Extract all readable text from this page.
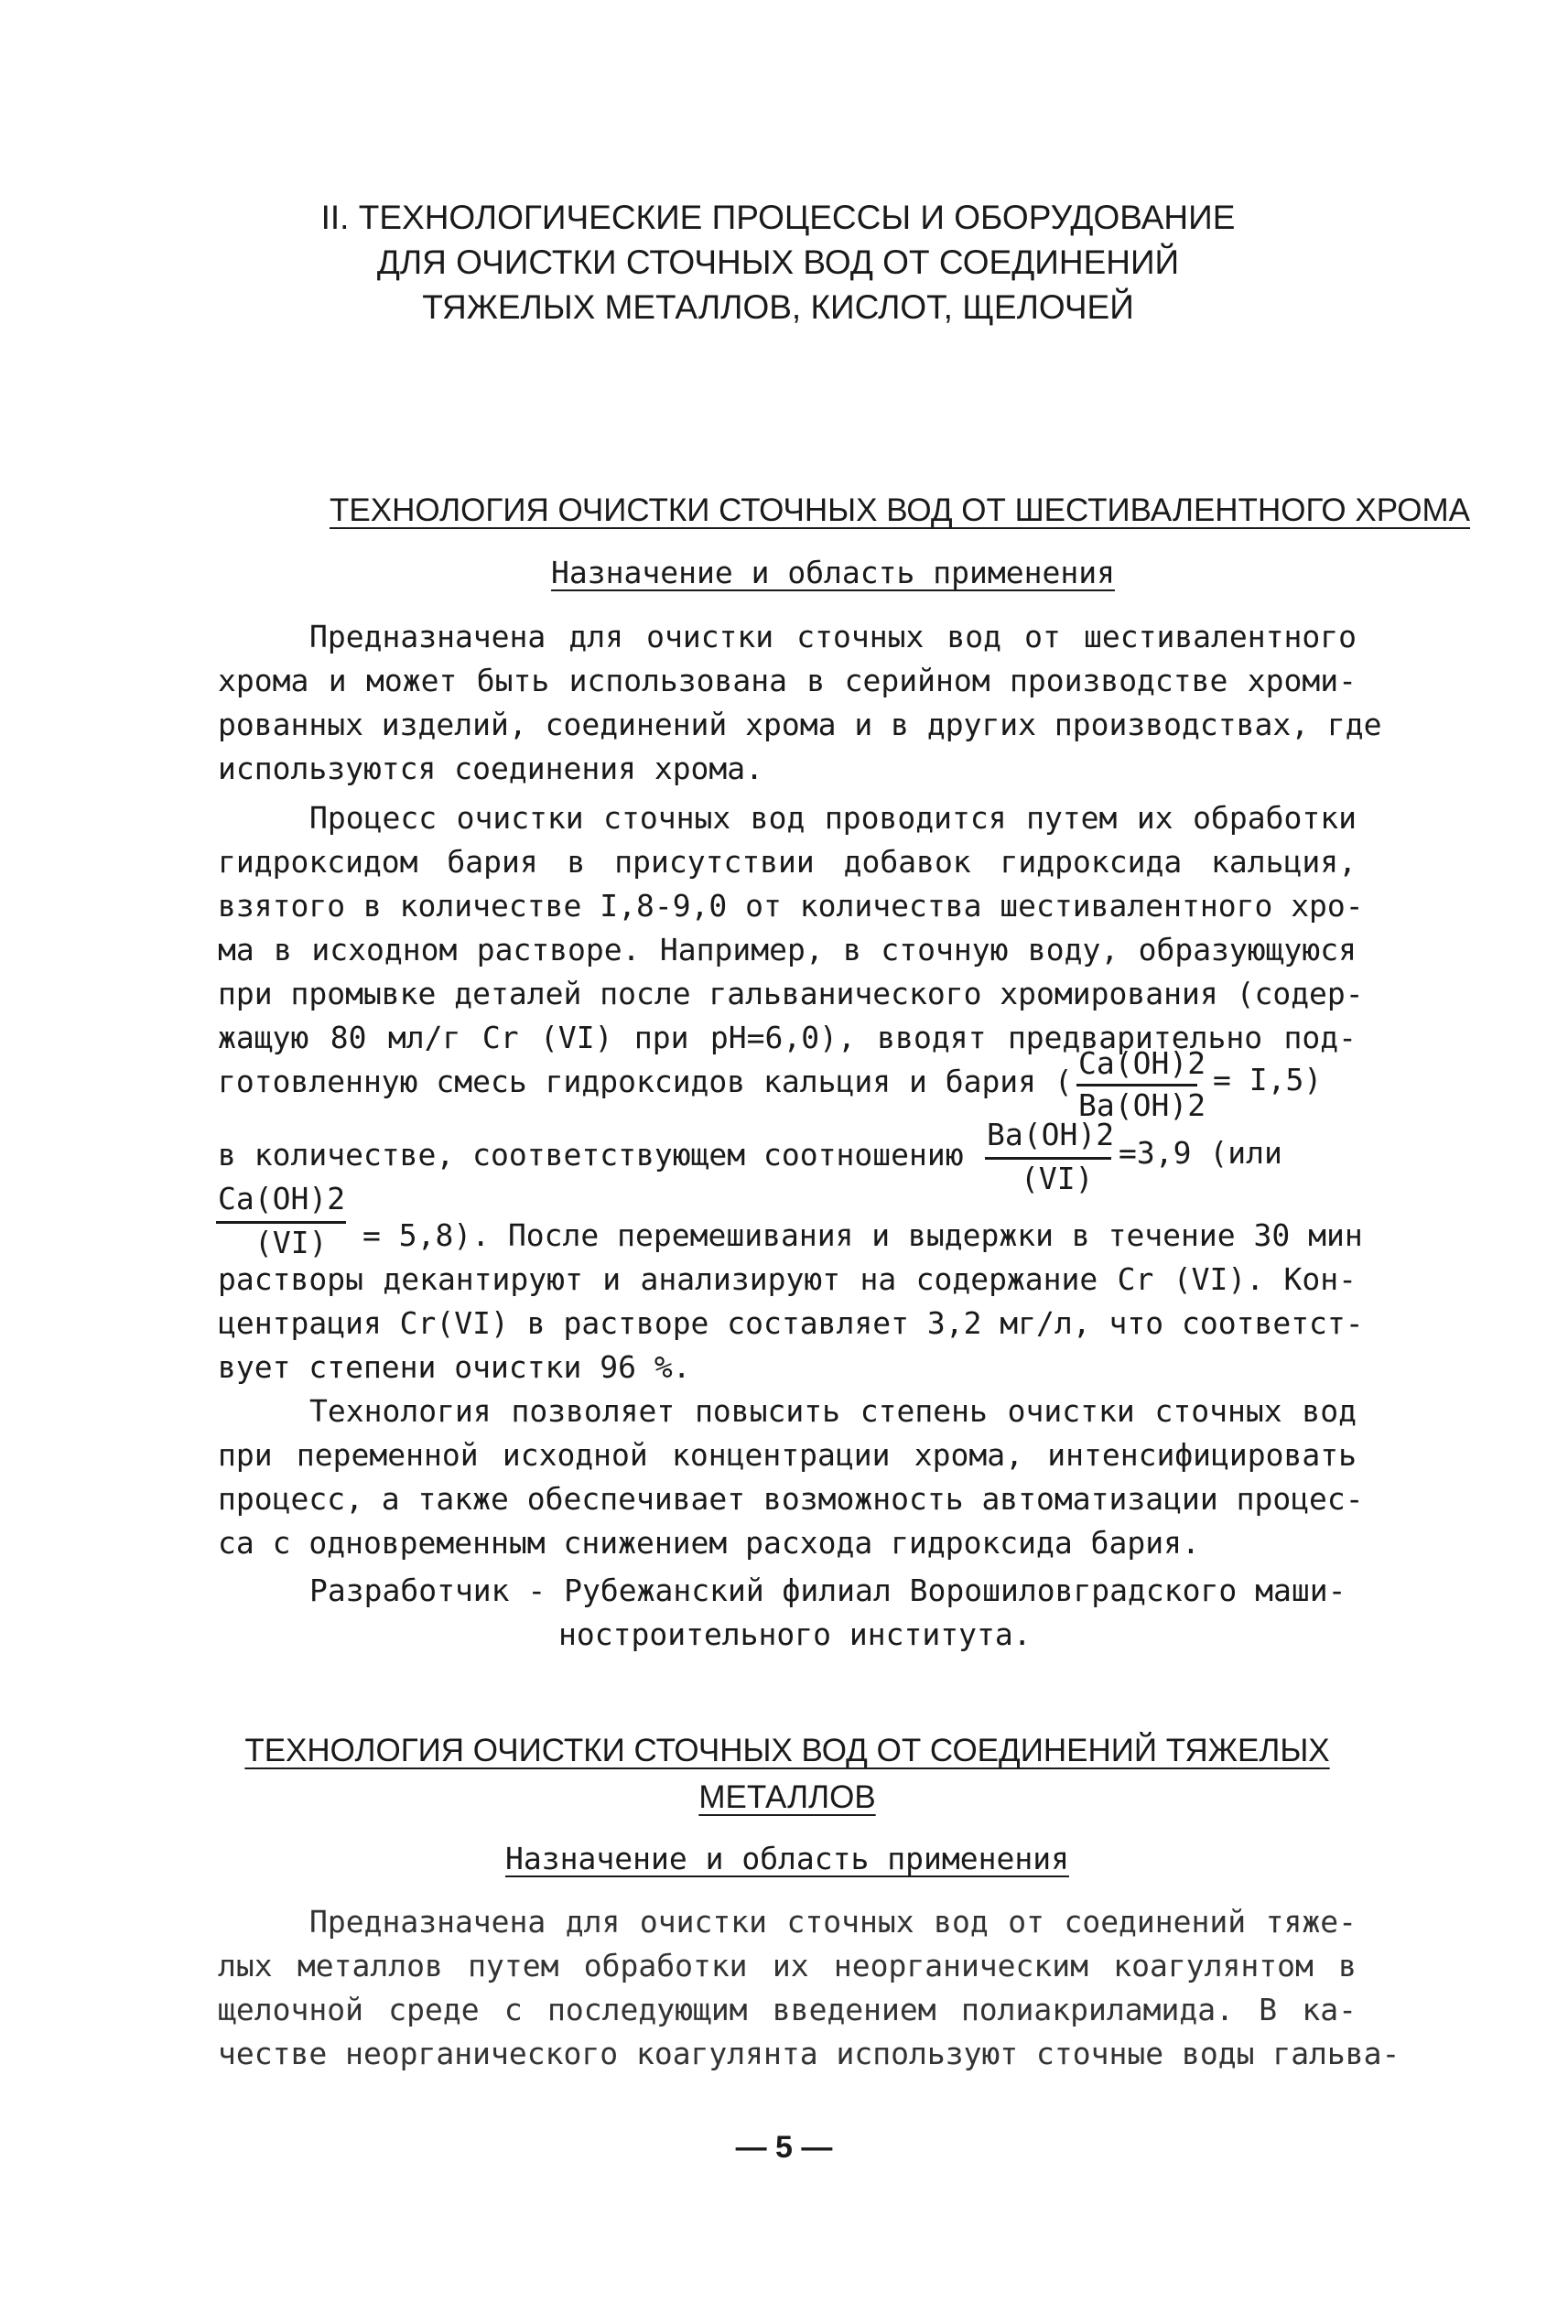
II. ТЕХНОЛОГИЧЕСКИЕ ПРОЦЕССЫ И ОБОРУДОВАНИЕ
ДЛЯ ОЧИСТКИ СТОЧНЫХ ВОД ОТ СОЕДИНЕНИЙ
ТЯЖЕЛЫХ МЕТАЛЛОВ, КИСЛОТ, ЩЕЛОЧЕЙ
ТЕХНОЛОГИЯ ОЧИСТКИ СТОЧНЫХ ВОД ОТ ШЕСТИВАЛЕНТНОГО ХРОМА
Назначение и область применения
Предназначена для очистки сточных вод от шестивалентного
хрома и может быть использована в серийном производстве хроми-
рованных изделий, соединений хрома и в других производствах, где
используются соединения хрома.
Процесс очистки сточных вод проводится путем их обработки
гидроксидом бария в присутствии добавок гидроксида кальция,
взятого в количестве I,8-9,0 от количества шестивалентного хро-
ма в исходном растворе. Например, в сточную воду, образующуюся
при промывке деталей после гальванического хромирования (содер-
жащую 80 мл/г Cr (VI) при pH=6,0), вводят предварительно под-
готовленную смесь гидроксидов кальция и бария (
Ca(OH)2
Ba(OH)2
= I,5)
в количестве, соответствующем соотношению
Ba(OH)2
(VI)
=3,9 (или
Ca(OH)2
(VI)	= 5,8). После перемешивания и выдержки в течение 30 мин
растворы декантируют и анализируют на содержание Cr (VI). Кон-
центрация Cr(VI) в растворе составляет 3,2 мг/л, что соответст-
вует степени очистки 96 %.
Технология позволяет повысить степень очистки сточных вод
при переменной исходной концентрации хрома, интенсифицировать
процесс, а также обеспечивает возможность автоматизации процес-
са с одновременным снижением расхода гидроксида бария.
Разработчик - Рубежанский филиал Ворошиловградского маши-
ностроительного института.
ТЕХНОЛОГИЯ ОЧИСТКИ СТОЧНЫХ ВОД ОТ СОЕДИНЕНИЙ ТЯЖЕЛЫХ
МЕТАЛЛОВ
Назначение и область применения
Предназначена для очистки сточных вод от соединений тяже-
лых металлов путем обработки их неорганическим коагулянтом в
щелочной среде с последующим введением полиакриламида. В ка-
честве неорганического коагулянта используют сточные воды гальва-
— 5 —
